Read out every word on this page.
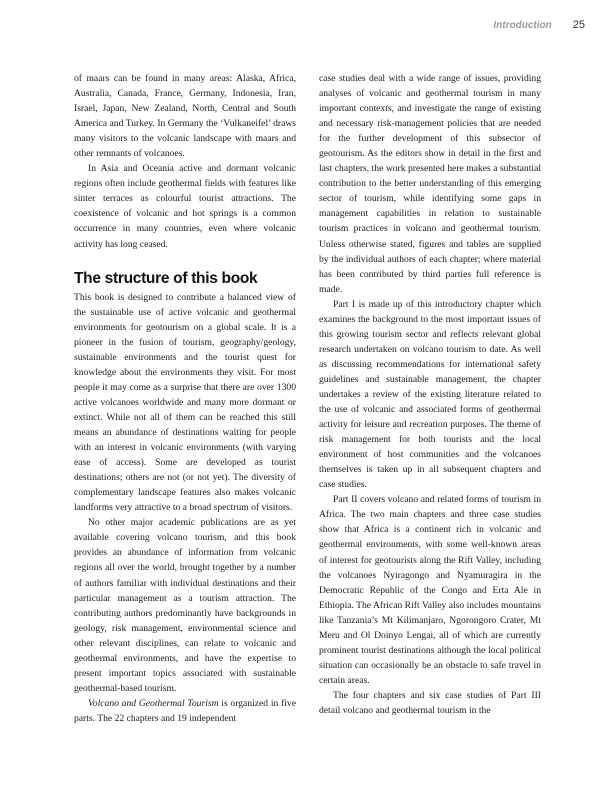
Introduction 25

of maars can be found in many areas: Alaska, Africa, Australia, Canada, France, Germany, Indonesia, Iran, Israel, Japan, New Zealand, North, Central and South America and Turkey. In Germany the ‘Vulkaneifel’ draws many visitors to the volcanic landscape with maars and other remnants of volcanoes.

In Asia and Oceania active and dormant volcanic regions often include geothermal fields with features like sinter terraces as colourful tourist attractions. The coexistence of volcanic and hot springs is a common occurrence in many countries, even where volcanic activity has long ceased.

The structure of this book

This book is designed to contribute a balanced view of the sustainable use of active volcanic and geothermal environments for geotourism on a global scale. It is a pioneer in the fusion of tourism, geography/geology, sustainable environments and the tourist quest for knowledge about the environments they visit. For most people it may come as a surprise that there are over 1300 active volcanoes worldwide and many more dormant or extinct. While not all of them can be reached this still means an abundance of destinations waiting for people with an interest in volcanic environments (with varying ease of access). Some are developed as tourist destinations; others are not (or not yet). The diversity of complementary landscape features also makes volcanic landforms very attractive to a broad spectrum of visitors.

No other major academic publications are as yet available covering volcano tourism, and this book provides an abundance of information from volcanic regions all over the world, brought together by a number of authors familiar with individual destinations and their particular management as a tourism attraction. The contributing authors predominantly have backgrounds in geology, risk management, environmental science and other relevant disciplines, can relate to volcanic and geothermal environments, and have the expertise to present important topics associated with sustainable geothermal-based tourism.

Volcano and Geothermal Tourism is organized in five parts. The 22 chapters and 19 independent

case studies deal with a wide range of issues, providing analyses of volcanic and geothermal tourism in many important contexts, and investigate the range of existing and necessary risk-management policies that are needed for the further development of this subsector of geotourism. As the editors show in detail in the first and last chapters, the work presented here makes a substantial contribution to the better understanding of this emerging sector of tourism, while identifying some gaps in management capabilities in relation to sustainable tourism practices in volcano and geothermal tourism. Unless otherwise stated, figures and tables are supplied by the individual authors of each chapter; where material has been contributed by third parties full reference is made.

Part I is made up of this introductory chapter which examines the background to the most important issues of this growing tourism sector and reflects relevant global research undertaken on volcano tourism to date. As well as discussing recommendations for international safety guidelines and sustainable management, the chapter undertakes a review of the existing literature related to the use of volcanic and associated forms of geothermal activity for leisure and recreation purposes. The theme of risk management for both tourists and the local environment of host communities and the volcanoes themselves is taken up in all subsequent chapters and case studies.

Part II covers volcano and related forms of tourism in Africa. The two main chapters and three case studies show that Africa is a continent rich in volcanic and geothermal environments, with some well-known areas of interest for geotourists along the Rift Valley, including the volcanoes Nyiragongo and Nyamuragira in the Democratic Republic of the Congo and Erta Ale in Ethiopia. The African Rift Valley also includes mountains like Tanzania’s Mt Kilimanjaro, Ngorongoro Crater, Mt Meru and Ol Doinyo Lengai, all of which are currently prominent tourist destinations although the local political situation can occasionally be an obstacle to safe travel in certain areas.

The four chapters and six case studies of Part III detail volcano and geothermal tourism in the
